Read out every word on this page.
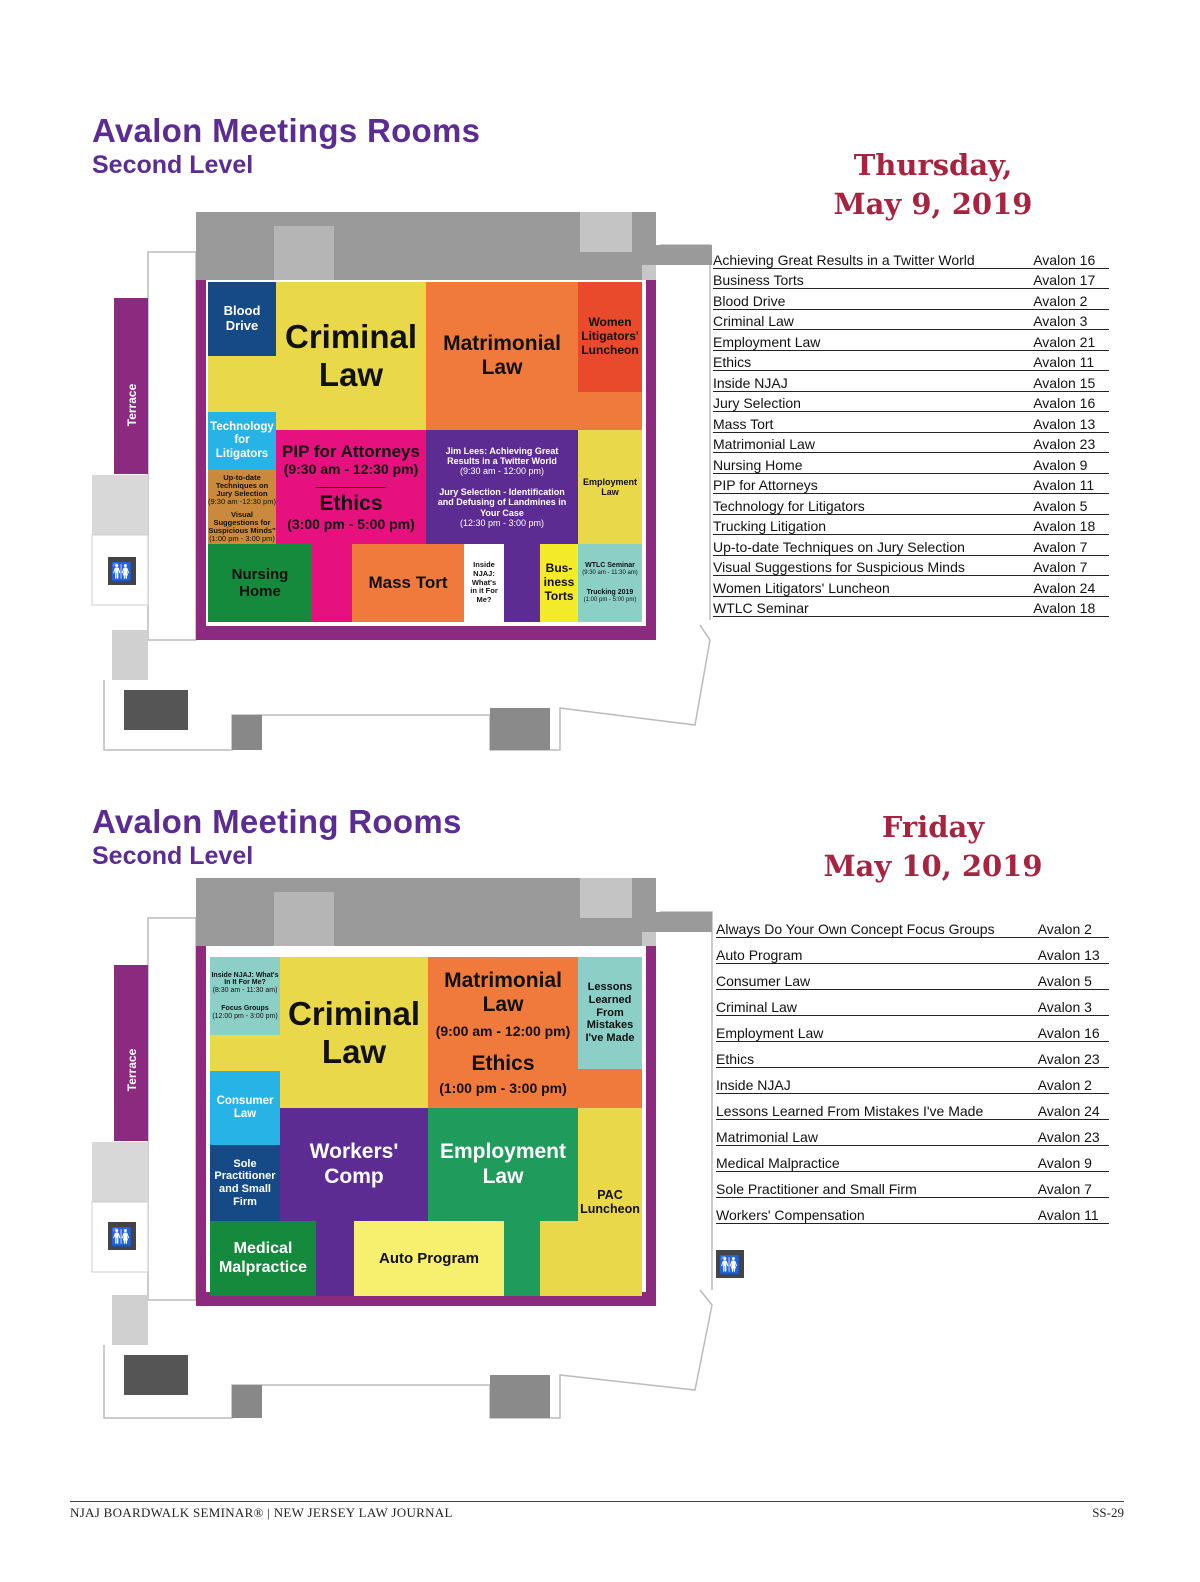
Avalon Meetings Rooms
Second Level	Thursday,
May 9, 2019
Terrace
🚻
Blood Drive Criminal Law
Matrimonial Law
Women Litigators' Luncheon
Technology for Litigators
Up-to-date Techniques on Jury Selection
(9:30 am -12:30 pm)
Visual Suggestions for Suspicious Minds"
(1:00 pm - 3:00 pm)
PIP for Attorneys
(9:30 am - 12:30 pm)
Ethics
(3:00 pm - 5:00 pm)
Jim Lees: Achieving Great Results in a Twitter World
(9:30 am - 12:00 pm)
Jury Selection - Identification and Defusing of Landmines in Your Case
(12:30 pm - 3:00 pm)
Employment Law
Nursing Home	Mass Tort
Inside NJAJ: What's in it For Me?
Bus- iness Torts
WTLC Seminar
(9:30 am - 11:30 am)
Trucking 2019
(1:00 pm - 5:00 pm)
Achieving Great Results in a Twitter World	Avalon 16
Business Torts	Avalon 17
Blood Drive	Avalon 2
Criminal Law	Avalon 3
Employment Law	Avalon 21
Ethics	Avalon 11
Inside NJAJ	Avalon 15
Jury Selection	Avalon 16
Mass Tort	Avalon 13
Matrimonial Law	Avalon 23
Nursing Home	Avalon 9
PIP for Attorneys	Avalon 11
Technology for Litigators	Avalon 5
Trucking Litigation	Avalon 18
Up-to-date Techniques on Jury Selection	Avalon 7
Visual Suggestions for Suspicious Minds	Avalon 7
Women Litigators' Luncheon	Avalon 24
WTLC Seminar	Avalon 18
Avalon Meeting Rooms
Second Level
Friday
May 10, 2019
Terrace
🚻
🚻
Inside NJAJ: What's In It For Me?
(8:30 am - 11:30 am)
Focus Groups
(12:00 pm - 3:00 pm) Criminal Law
Matrimonial Law
(9:00 am - 12:00 pm)
Ethics
(1:00 pm - 3:00 pm)
Lessons Learned From Mistakes I've Made
Consumer Law
Sole Practitioner and Small Firm
Workers' Comp
Employment Law
PAC Luncheon
Medical Malpractice
Auto Program
Always Do Your Own Concept Focus Groups	Avalon 2
Auto Program	Avalon 13
Consumer Law	Avalon 5
Criminal Law	Avalon 3
Employment Law	Avalon 16
Ethics	Avalon 23
Inside NJAJ	Avalon 2
Lessons Learned From Mistakes I've Made	Avalon 24
Matrimonial Law	Avalon 23
Medical Malpractice	Avalon 9
Sole Practitioner and Small Firm	Avalon 7
Workers' Compensation	Avalon 11
NJAJ BOARDWALK SEMINAR® | NEW JERSEY LAW JOURNAL	SS-29
